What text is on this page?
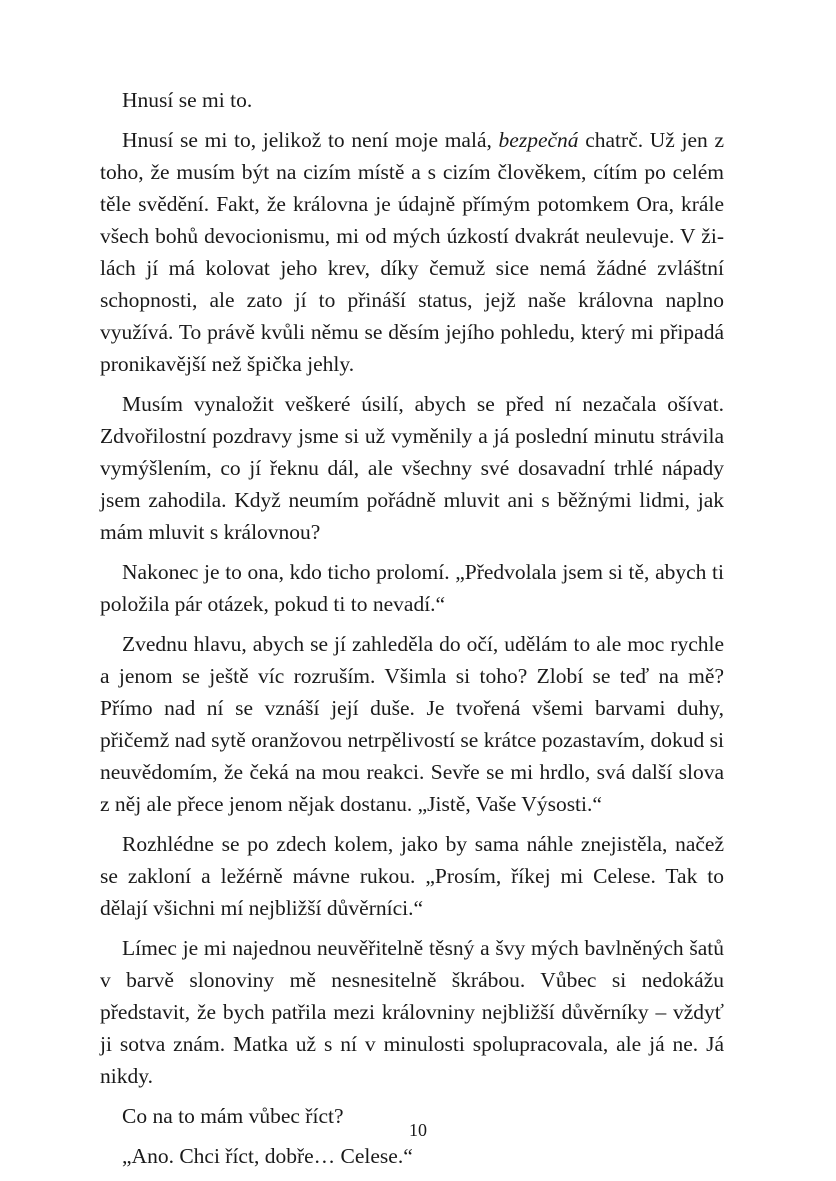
Hnusí se mi to.

Hnusí se mi to, jelikož to není moje malá, bezpečná chatrč. Už jen z toho, že musím být na cizím místě a s cizím člověkem, cítím po celém těle svědění. Fakt, že královna je údajně přímým potomkem Ora, krále všech bohů devocionismu, mi od mých úzkostí dvakrát neulevuje. V žilách jí má kolovat jeho krev, díky čemuž sice nemá žádné zvláštní schopnosti, ale zato jí to přináší status, jejž naše královna naplno využívá. To právě kvůli němu se děsím jejího pohledu, který mi připadá pronikavější než špička jehly.

Musím vynaložit veškeré úsilí, abych se před ní nezačala ošívat. Zdvořilostní pozdravy jsme si už vyměnily a já poslední minutu strávila vymýšlením, co jí řeknu dál, ale všechny své dosavadní trhlé nápady jsem zahodila. Když neumím pořádně mluvit ani s běžnými lidmi, jak mám mluvit s královnou?

Nakonec je to ona, kdo ticho prolomí. „Předvolala jsem si tě, abych ti položila pár otázek, pokud ti to nevadí.“

Zvednu hlavu, abych se jí zahleděla do očí, udělám to ale moc rychle a jenom se ještě víc rozruším. Všimla si toho? Zlobí se teď na mě? Přímo nad ní se vznáší její duše. Je tvořená všemi barvami duhy, přičemž nad sytě oranžovou netrpělivostí se krátce pozastavím, dokud si neuvědomím, že čeká na mou reakci. Sevře se mi hrdlo, svá další slova z něj ale přece jenom nějak dostanu. „Jistě, Vaše Výsosti.“

Rozhlédne se po zdech kolem, jako by sama náhle znejistěla, načež se zakloní a ležérně mávne rukou. „Prosím, říkej mi Celese. Tak to dělají všichni mí nejbližší důvěrníci.“

Límec je mi najednou neuvěřitelně těsný a švy mých bavlněných šatů v barvě slonoviny mě nesnesitelně škrábou. Vůbec si nedokážu představit, že bych patřila mezi královniny nejbližší důvěrníky – vždyť ji sotva znám. Matka už s ní v minulosti spolupracovala, ale já ne. Já nikdy.

Co na to mám vůbec říct?

„Ano. Chci říct, dobře… Celese.“

10
